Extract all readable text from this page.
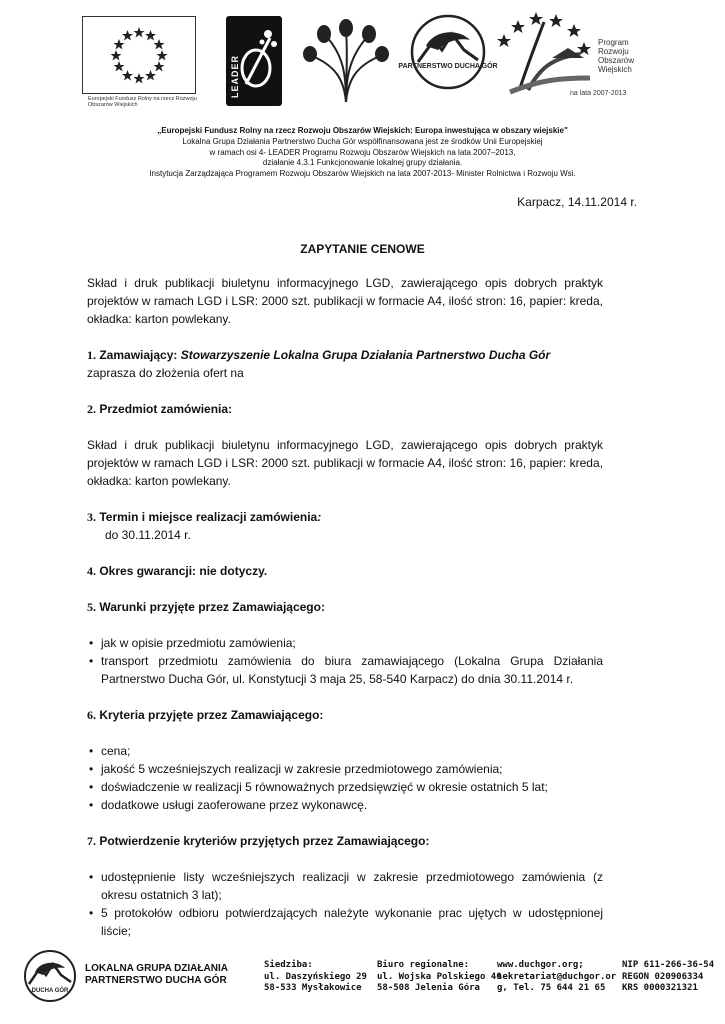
Europejski Fundusz Rolny na rzecz Rozwoju Obszarów Wiejskich
LEADER	PARTNERSTWO DUCHA GÓR
Program
Rozwoju
Obszarów
Wiejskich
na lata 2007-2013
„Europejski Fundusz Rolny na rzecz Rozwoju Obszarów Wiejskich: Europa inwestująca w obszary wiejskie"
Lokalna Grupa Działania Partnerstwo Ducha Gór współfinansowana jest ze środków Unii Europejskiej
w ramach osi 4- LEADER Programu Rozwoju Obszarów Wiejskich na lata 2007–2013,
działanie 4.3.1 Funkcjonowanie lokalnej grupy działania.
Instytucja Zarządzająca Programem Rozwoju Obszarów Wiejskich na lata 2007-2013- Minister Rolnictwa i Rozwoju Wsi.
Karpacz, 14.11.2014 r.
ZAPYTANIE CENOWE

Skład i druk publikacji biuletynu informacyjnego LGD, zawierającego opis dobrych praktyk projektów w ramach LGD i LSR: 2000 szt. publikacji w formacie A4, ilość stron: 16, papier: kreda, okładka: karton powlekany.

1. Zamawiający: Stowarzyszenie Lokalna Grupa Działania Partnerstwo Ducha Gór

zaprasza do złożenia ofert na

2. Przedmiot zamówienia:

Skład i druk publikacji biuletynu informacyjnego LGD, zawierającego opis dobrych praktyk projektów w ramach LGD i LSR: 2000 szt. publikacji w formacie A4, ilość stron: 16, papier: kreda, okładka: karton powlekany.

3. Termin i miejsce realizacji zamówienia:

do 30.11.2014 r.

4. Okres gwarancji: nie dotyczy.

5. Warunki przyjęte przez Zamawiającego:

• jak w opisie przedmiotu zamówienia;
• transport przedmiotu zamówienia do biura zamawiającego (Lokalna Grupa Działania Partnerstwo Ducha Gór, ul. Konstytucji 3 maja 25, 58-540 Karpacz) do dnia 30.11.2014 r.

6. Kryteria przyjęte przez Zamawiającego:

• cena;
• jakość 5 wcześniejszych realizacji w zakresie przedmiotowego zamówienia;
• doświadczenie w realizacji 5 równoważnych przedsięwzięć w okresie ostatnich 5 lat;
• dodatkowe usługi zaoferowane przez wykonawcę.

7. Potwierdzenie kryteriów przyjętych przez Zamawiającego:

• udostępnienie listy wcześniejszych realizacji w zakresie przedmiotowego zamówienia (z okresu ostatnich 3 lat);
• 5 protokołów odbioru potwierdzających należyte wykonanie prac ujętych w udostępnionej liście;
DUCHA GÓR
LOKALNA GRUPA DZIAŁANIA
PARTNERSTWO DUCHA GÓR
Siedziba:
ul. Daszyńskiego 29
58-533 Mysłakowice
Biuro regionalne:
ul. Wojska Polskiego 40
58-508 Jelenia Góra
www.duchgor.org;
sekretariat@duchgor.or
g, Tel. 75 644 21 65
NIP 611-266-36-54
REGON 020906334
KRS 0000321321
